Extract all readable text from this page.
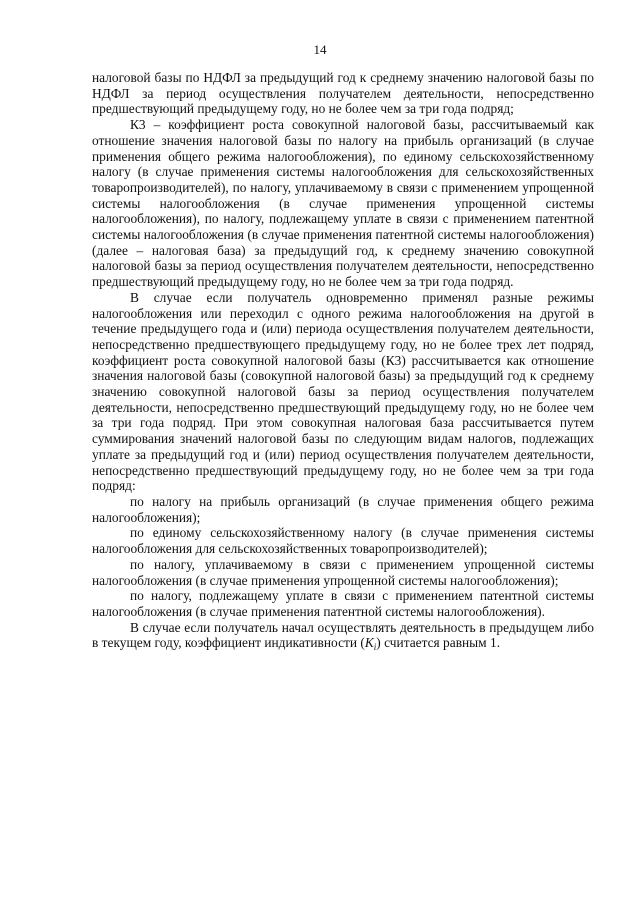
14

налоговой базы по НДФЛ за предыдущий год к среднему значению налоговой базы по НДФЛ за период осуществления получателем деятельности, непосредственно предшествующий предыдущему году, но не более чем за три года подряд;

К3 – коэффициент роста совокупной налоговой базы, рассчитываемый как отношение значения налоговой базы по налогу на прибыль организаций (в случае применения общего режима налогообложения), по единому сельскохозяйственному налогу (в случае применения системы налогообложения для сельскохозяйственных товаропроизводителей), по налогу, уплачиваемому в связи с применением упрощенной системы налогообложения (в случае применения упрощенной системы налогообложения), по налогу, подлежащему уплате в связи с применением патентной системы налогообложения (в случае применения патентной системы налогообложения) (далее – налоговая база) за предыдущий год, к среднему значению совокупной налоговой базы за период осуществления получателем деятельности, непосредственно предшествующий предыдущему году, но не более чем за три года подряд.

В случае если получатель одновременно применял разные режимы налогообложения или переходил с одного режима налогообложения на другой в течение предыдущего года и (или) периода осуществления получателем деятельности, непосредственно предшествующего предыдущему году, но не более трех лет подряд, коэффициент роста совокупной налоговой базы (К3) рассчитывается как отношение значения налоговой базы (совокупной налоговой базы) за предыдущий год к среднему значению совокупной налоговой базы за период осуществления получателем деятельности, непосредственно предшествующий предыдущему году, но не более чем за три года подряд. При этом совокупная налоговая база рассчитывается путем суммирования значений налоговой базы по следующим видам налогов, подлежащих уплате за предыдущий год и (или) период осуществления получателем деятельности, непосредственно предшествующий предыдущему году, но не более чем за три года подряд:

по налогу на прибыль организаций (в случае применения общего режима налогообложения);

по единому сельскохозяйственному налогу (в случае применения системы налогообложения для сельскохозяйственных товаропроизводителей);

по налогу, уплачиваемому в связи с применением упрощенной системы налогообложения (в случае применения упрощенной системы налогообложения);

по налогу, подлежащему уплате в связи с применением патентной системы налогообложения (в случае применения патентной системы налогообложения).

В случае если получатель начал осуществлять деятельность в предыдущем либо в текущем году, коэффициент индикативности $(K_i)$ считается равным 1.
